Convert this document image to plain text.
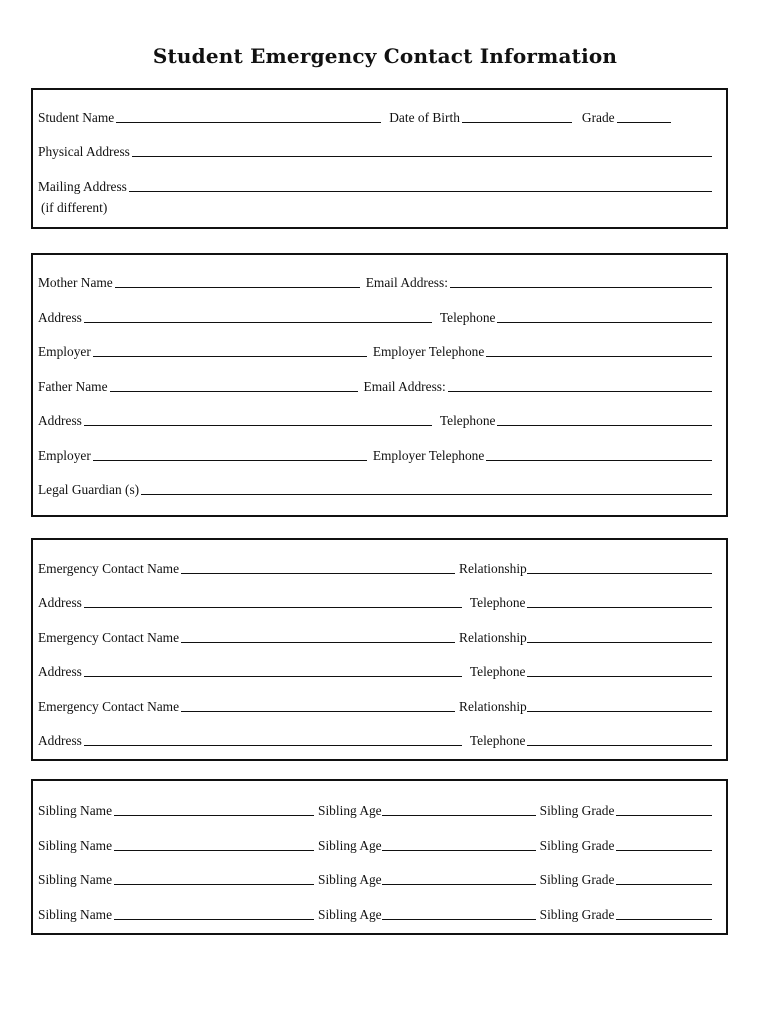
Student Emergency Contact Information
Student Name	Date of Birth	Grade
Physical Address
Mailing Address
(if different)
Mother Name	Email Address:
Address	Telephone
Employer	Employer Telephone
Father Name	Email Address:
Address	Telephone
Employer	Employer Telephone
Legal Guardian (s)
Emergency Contact Name	Relationship
Address	Telephone
Emergency Contact Name	Relationship
Address	Telephone
Emergency Contact Name	Relationship
Address	Telephone
Sibling Name	Sibling Age	Sibling Grade
Sibling Name	Sibling Age	Sibling Grade
Sibling Name	Sibling Age	Sibling Grade
Sibling Name	Sibling Age	Sibling Grade
